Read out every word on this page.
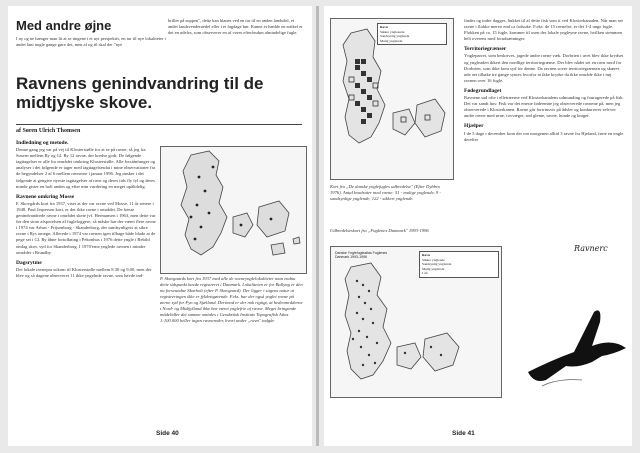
Med andre øjne
I ny og ne hænger man lit at se tingene i et nyt perspektiv, en tur til nye lokaliteter i andet lani nogle gange gøre det, men af og til skal der "nye
briller på suppen", dette kan blanes ved en tur til en anden landsdel, et andet landsvenderuedel eller i et fagdage bør. Kanne er hædde en artikel er det en udefra, som observerer en af vores efterårsdøn almindelige fugle.
Ravnens genindvandring til de midtjyske skove.
af Søren Ulrich Thomsen
Indledning og metode.

Denne gang jeg var på vej til Klosterstølle for at se på ravne, så jeg fra Susern mellem Ry og Gl. Ry 12 ravne, der kredse godt. De følgende iagttagelser er alle fra området omkring Klosterstølle. Alle forstånfunger og analyser i det følgende er tager med iagttagelsesdat i mine observationer fra de begyndelser 2 af 6 mellem ravnerne i januar 1996. Jeg ønsker i det følgende at gengive nyeste iagttagelser af ravn og deres tids fly fyl og deres minde gister en holt anden og efter min vurdering en meget upålidelig.

Ravnene omkring Mosse

F. Skovgårds kort fra 1937, viser at der var ravne ved Mosse, 11 år senere i 1948. Paul Jespersen kort, er der ikke ravne i området. De første genindvandrede ravne i området skete jvf. Hermansen i 1963, men dette var før den store afsporelsen af fugleloggere, så måske har der været flere ravne i 1974 var Arhus - Frijsenborg - Skanderborg, der sandsynligvis at sikre ravne i Rys omegn. Allerede i 1974 var ravnen igen tilbage både blade at de pege set i Gl. Ry åbne fortolkning i Pekonhus i 1976 dette yngle i Rebild omlag skov, syd for Skanderborg. I 1970'erne ynglede ravnen i mindre områder i Brundby.

Dagsrytme

Det lokale ravnepar sokom til Klosterstølle mellem 8.30 og 9.00, men der blev og så dagene observeret 11 ikke yngelnde ravne, som havde ind-

P. Skovgaards kort fra 1937 med alle de ravneynglelokaliteter man endnu dette tidspunkt havde registreret i Danmark. Lokaliteten er for Ballyng er den nu forsvundne Skarholt (efter P. Skovgaard). Der ligger i sagens natur at registreringen ikke er fyldestgørende. Feks. har der også ynglet ravne på øerne syd for Fyn og Sjælland. Derimod er der nok rigtigt, at hedeområderne i Nord- og Midtjylland ikke har været ynglefrie af ravne. Meget bringende mådelidler det samme omtales i Geodætisk Instituts Topografisk Atlas 1:100.000 heller ingen ravnereder, hvori under „ravn" indgår.
Side 40
Ravn
Sikker yngleende
Sandsynlig ynglende
Mulig ynglende
Kort fra „De danske ynglefugles udbredelse" (Efter Dybbro 1976). Antal kvadrater med ravne: 51 - mulige ynglende, 9 - sandsynlige ynglende, 122 - sikkert ynglende.
Udbredelseskort fra „Fuglenes Danmark" 1993-1996

findes og indre dagges, hukket til af dette fisk som ti ved Klosterkanaden. Når man ser ravne i flokke mereo end ca fodsuke. F.eks. de 15 ravnelse, er det 1-4 unge fugle. Flokken på ca. 15 fugle, kommer til osen der lokale yngleyne ravne, hvilken stemmen helt overens med forudsætninger.

Territoriegrænser

Yngleparret, som beskrives, jagede andre ravne væk. Dorbrien i uvet blev ikke krydset og yngleaden ikkert den nordlige territoriegrænse. Der blev nådet set en ravn nord for Dorbrien, som ikke kom syd for denne. Da ravnen sover territoriegrænsen og skæres ude aet tilbake tre gange syntes hvorfor at ikke krydse da ikke område ikke i nøj. ravnen over 16 fugle.

Fødegrundlaget

Ravnene sad ofte i elletræerne ved Klosterkanalens udmunding og fouragerede på fisk. Det var sandt hos: Fisk var det eneste fødeemne jeg observerede ravnene på, men jeg observerede i Klosterkanen. Ravne går fortrinsvis på ådsler og konkurrerer selvver andre ravne med ørne, rovvæger, rød glente, ravne, hunde og krager.

Hjælper

I de 3 dage i december kom der om morgenen alltid 3 ravne fra Hjeland, førte en engle derefter

Ravnerc
Danske Ynglefugleatlas Fuglenes Danmark 1993-1996
Ravn
Sikker ynglende
Sandsynlig ynglende
Mulig ynglende
I alt
Side 41
